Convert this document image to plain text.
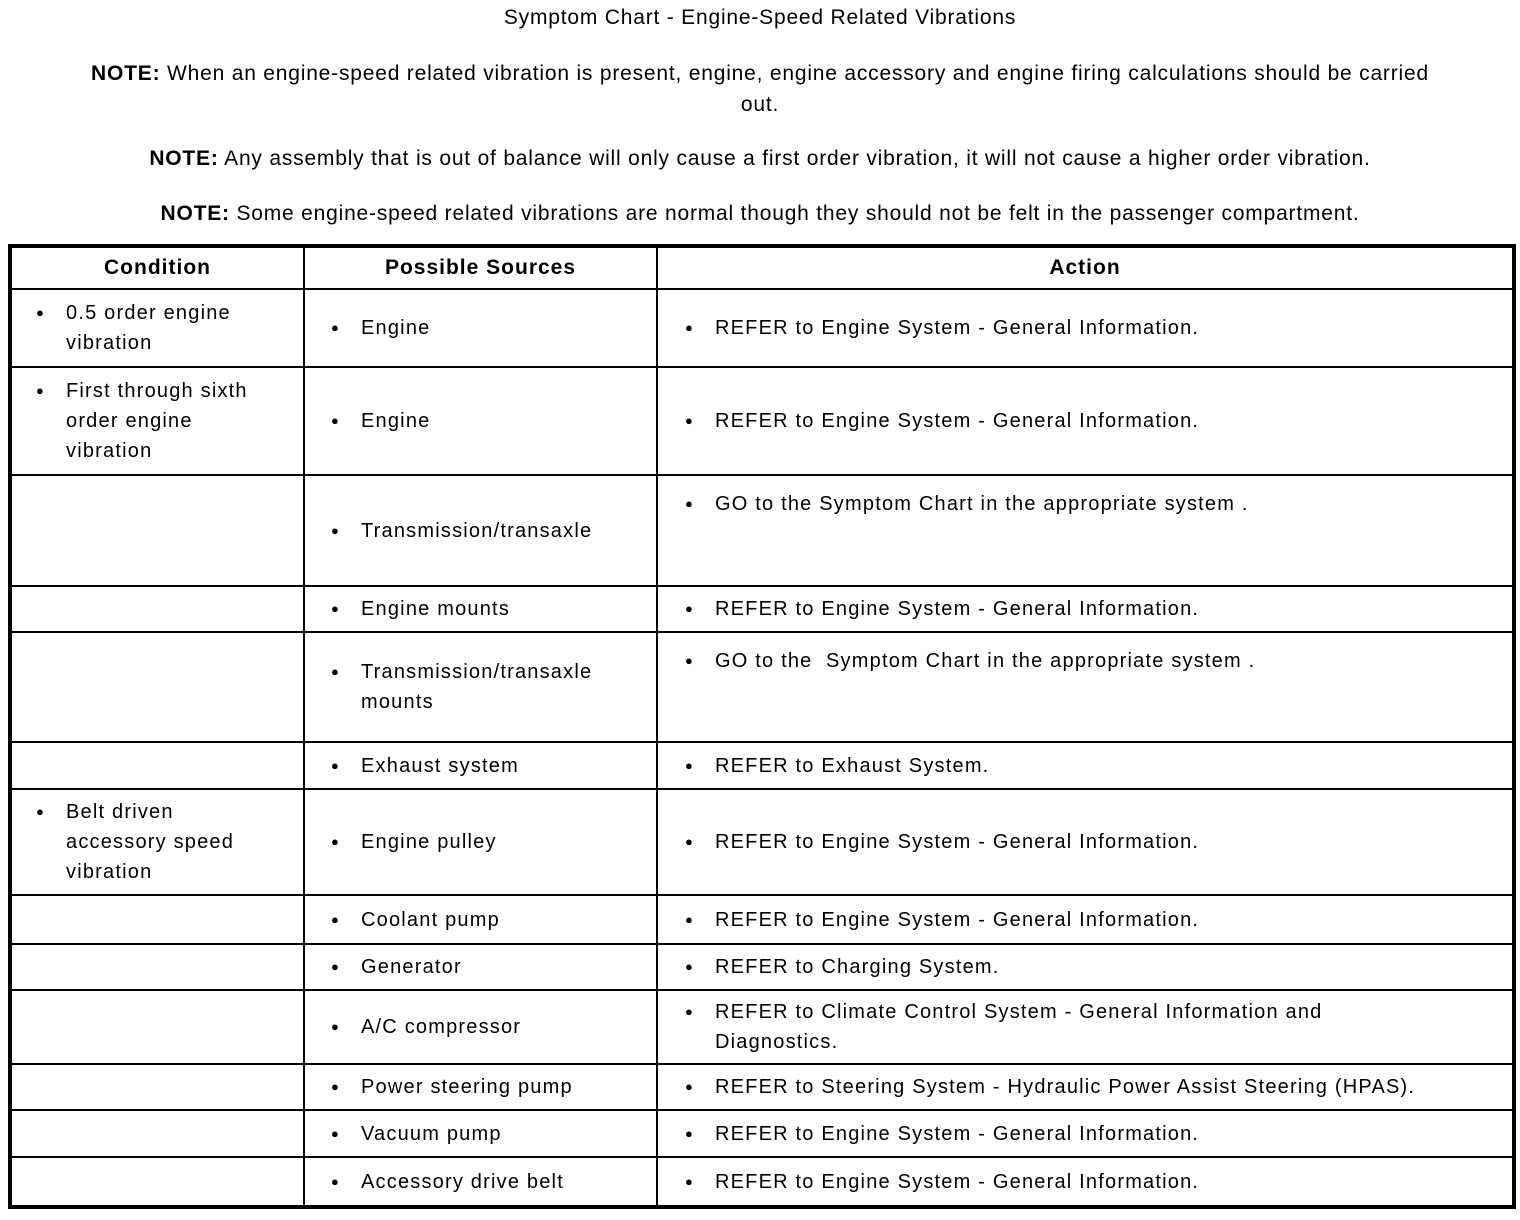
Symptom Chart - Engine-Speed Related Vibrations

NOTE: When an engine-speed related vibration is present, engine, engine accessory and engine firing calculations should be carried
out.

NOTE: Any assembly that is out of balance will only cause a first order vibration, it will not cause a higher order vibration.

NOTE: Some engine-speed related vibrations are normal though they should not be felt in the passenger compartment.

Condition	Possible Sources	Action

● 0.5 order engine vibration	● Engine	● REFER to Engine System - General Information.

● First through sixth order engine vibration	● Engine	● REFER to Engine System - General Information.

	● Transmission/transaxle	● GO to the Symptom Chart in the appropriate system .

	● Engine mounts	● REFER to Engine System - General Information.

	● Transmission/transaxle mounts	● GO to the  Symptom Chart in the appropriate system .

	● Exhaust system	● REFER to Exhaust System.

● Belt driven accessory speed vibration	● Engine pulley	● REFER to Engine System - General Information.

	● Coolant pump	● REFER to Engine System - General Information.

	● Generator	● REFER to Charging System.

	● A/C compressor	● REFER to Climate Control System - General Information and Diagnostics.

	● Power steering pump	● REFER to Steering System - Hydraulic Power Assist Steering (HPAS).

	● Vacuum pump	● REFER to Engine System - General Information.

	● Accessory drive belt	● REFER to Engine System - General Information.
